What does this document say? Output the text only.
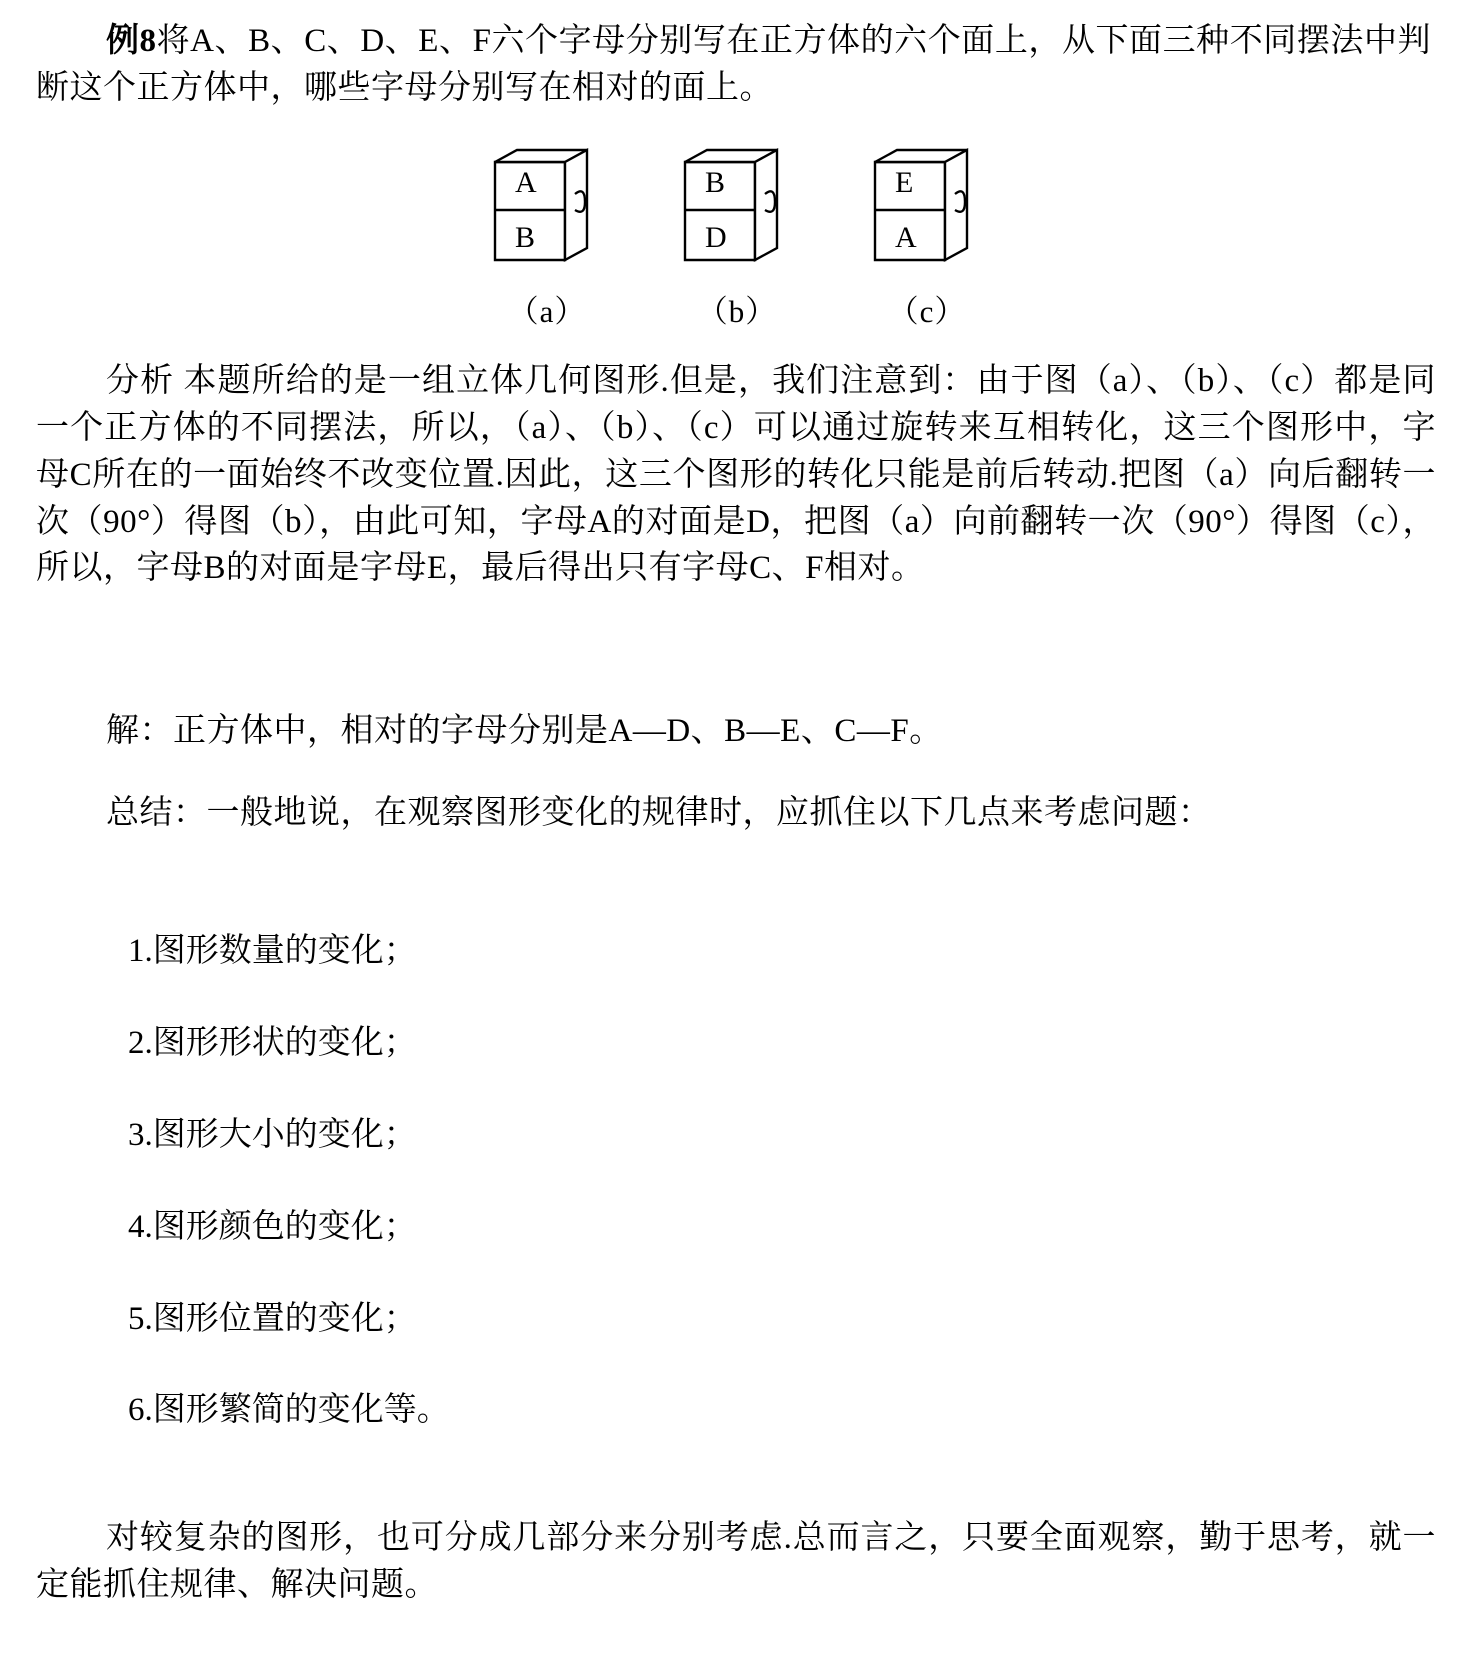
例8将A、B、C、D、E、F六个字母分别写在正方体的六个面上，从下面三种不同摆法中判断这个正方体中，哪些字母分别写在相对的面上。
A
B
（a）
B
D
（b）
E
A
（c）
分析 本题所给的是一组立体几何图形.但是，我们注意到：由于图（a）、（b）、（c）都是同一个正方体的不同摆法，所以，（a）、（b）、（c）可以通过旋转来互相转化，这三个图形中，字母C所在的一面始终不改变位置.因此，这三个图形的转化只能是前后转动.把图（a）向后翻转一次（90°）得图（b），由此可知，字母A的对面是D，把图（a）向前翻转一次（90°）得图（c），所以，字母B的对面是字母E，最后得出只有字母C、F相对。
解：正方体中，相对的字母分别是A—D、B—E、C—F。
总结：一般地说，在观察图形变化的规律时，应抓住以下几点来考虑问题：
1.图形数量的变化；
2.图形形状的变化；
3.图形大小的变化；
4.图形颜色的变化；
5.图形位置的变化；
6.图形繁简的变化等。
对较复杂的图形，也可分成几部分来分别考虑.总而言之，只要全面观察，勤于思考，就一定能抓住规律、解决问题。
